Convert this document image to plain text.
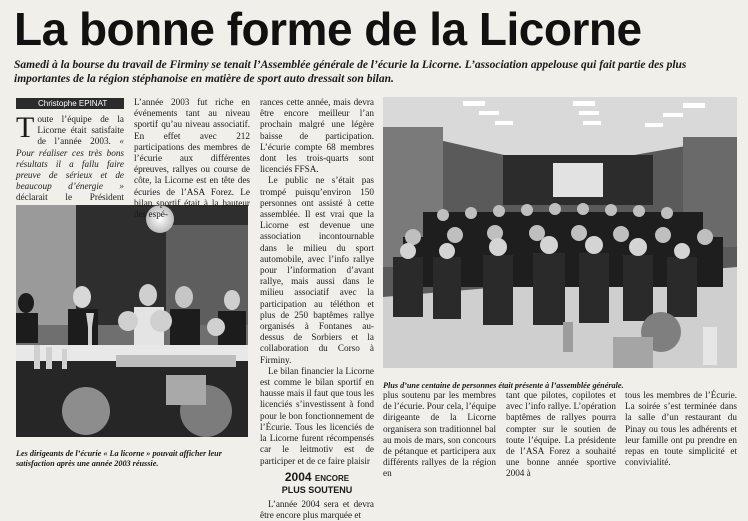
La bonne forme de la Licorne

Samedi à la bourse du travail de Firminy se tenait l’Assemblée générale de l’écurie la Licorne. L’association appelouse qui fait partie des plus importantes de la région stéphanoise en matière de sport auto dressait son bilan.

Christophe EPINAT
Toute l’équipe de la Licorne était satisfaite de l’année 2003. « Pour réaliser ces très bons résultats il a fallu faire preuve de sérieux et de beaucoup d’énergie » déclarait le Président

Les dirigeants de l’écurie « La licorne » pouvait afficher leur satisfaction après une année 2003 réussie.

L’année 2003 fut riche en événements tant au niveau sportif qu’au niveau associatif. En effet avec 212 participations des membres de l’écurie aux différentes épreuves, rallyes ou course de côte, la Licorne est en tête des écuries de l’ASA Forez. Le bilan sportif était à la hauteur des espé-

rances cette année, mais devra être encore meilleur l’an prochain malgré une légère baisse de participation. L’écurie compte 68 membres dont les trois-quarts sont licenciés FFSA.

Le public ne s’était pas trompé puisqu’environ 150 personnes ont assisté à cette assemblée. Il est vrai que la Licorne est devenue une association incontournable dans le milieu du sport automobile, avec l’info rallye pour l’information d’avant rallye, mais aussi dans le milieu associatif avec la participation au téléthon et plus de 250 baptêmes rallye organisés à Fontanes au-dessus de Sorbiers et la collaboration du Corso à Firminy.

Le bilan financier la Licorne est comme le bilan sportif en hausse mais il faut que tous les licenciés s’investissent à fond pour le bon fonctionnement de l’Écurie. Tous les licenciés de la Licorne furent récompensés car le leitmotiv est de participer et de ce faire plaisir

2004 ENCORE
PLUS SOUTENU

L’année 2004 sera et devra être encore plus marquée et

Plus d’une centaine de personnes était présente à l’assemblée générale.

plus soutenu par les membres de l’écurie. Pour cela, l’équipe dirigeante de la Licorne organisera son traditionnel bal au mois de mars, son concours de pétanque et participera aux différents rallyes de la région en

tant que pilotes, copilotes et avec l’info rallye. L’opération baptêmes de rallyes pourra compter sur le soutien de toute l’équipe. La présidente de l’ASA Forez a souhaité une bonne année sportive 2004 à

tous les membres de l’Écurie. La soirée s’est terminée dans la salle d’un restaurant du Pinay ou tous les adhérents et leur famille ont pu prendre en repas en toute simplicité et convivialité.
